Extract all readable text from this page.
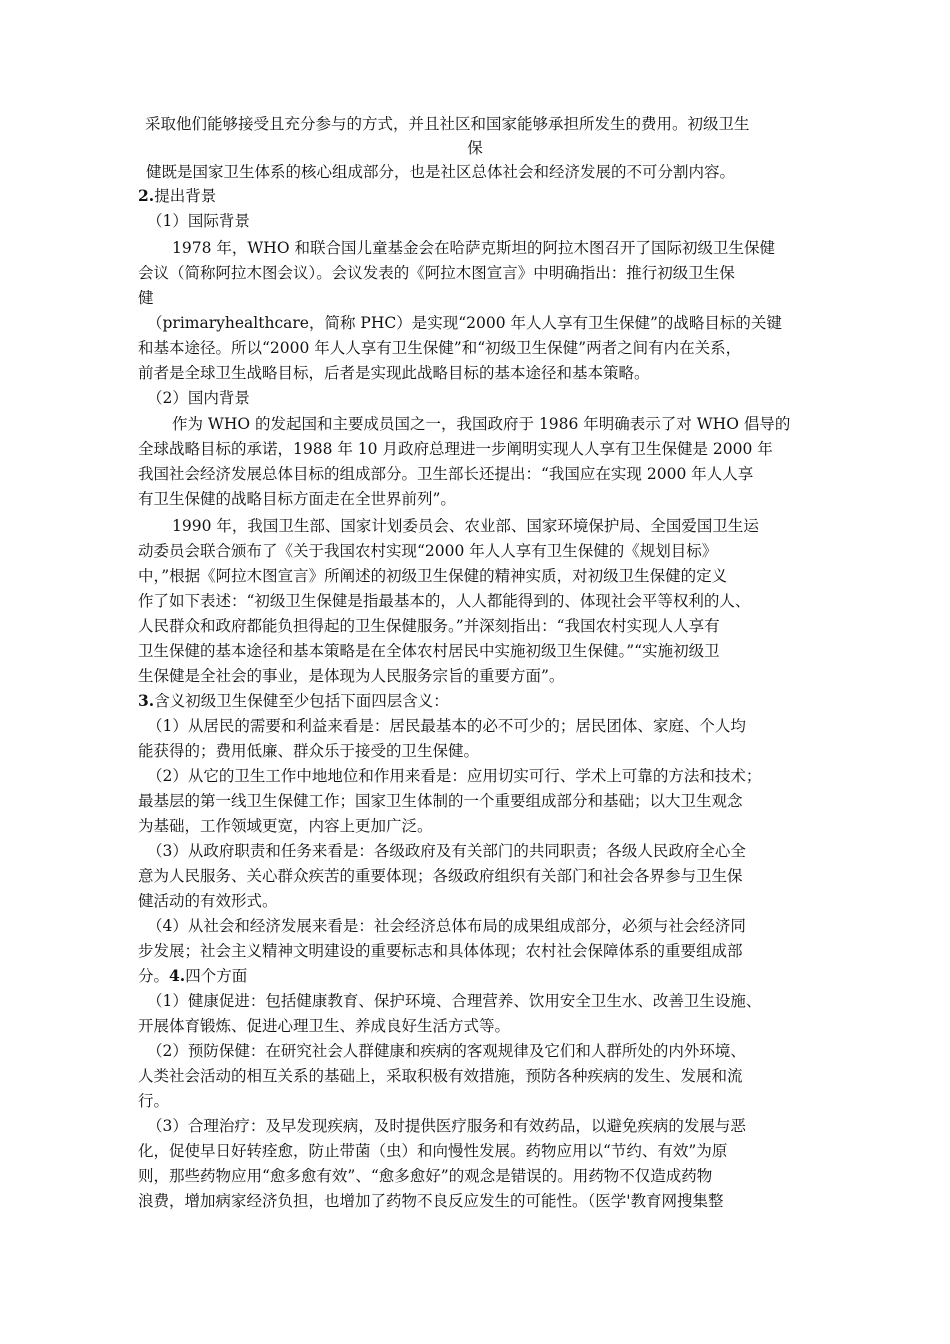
采取他们能够接受且充分参与的方式，并且社区和国家能够承担所发生的费用。初级卫生
保
健既是国家卫生体系的核心组成部分，也是社区总体社会和经济发展的不可分割内容。
2.提出背景
（1）国际背景
1978 年，WHO 和联合国儿童基金会在哈萨克斯坦的阿拉木图召开了国际初级卫生保健
会议（简称阿拉木图会议）。会议发表的《阿拉木图宣言》中明确指出：推行初级卫生保
健
（primaryhealthcare，简称 PHC）是实现“2000 年人人享有卫生保健”的战略目标的关键
和基本途径。所以“2000 年人人享有卫生保健”和“初级卫生保健”两者之间有内在关系，
前者是全球卫生战略目标，后者是实现此战略目标的基本途径和基本策略。
（2）国内背景
作为 WHO 的发起国和主要成员国之一，我国政府于 1986 年明确表示了对 WHO 倡导的
全球战略目标的承诺，1988 年 10 月政府总理进一步阐明实现人人享有卫生保健是 2000 年
我国社会经济发展总体目标的组成部分。卫生部长还提出：“我国应在实现 2000 年人人享
有卫生保健的战略目标方面走在全世界前列”。
1990 年，我国卫生部、国家计划委员会、农业部、国家环境保护局、全国爱国卫生运
动委员会联合颁布了《关于我国农村实现“2000 年人人享有卫生保健的《规划目标》
中，”根据《阿拉木图宣言》所阐述的初级卫生保健的精神实质，对初级卫生保健的定义
作了如下表述：“初级卫生保健是指最基本的，人人都能得到的、体现社会平等权利的人、
人民群众和政府都能负担得起的卫生保健服务。”并深刻指出：“我国农村实现人人享有
卫生保健的基本途径和基本策略是在全体农村居民中实施初级卫生保健。”“实施初级卫
生保健是全社会的事业，是体现为人民服务宗旨的重要方面”。
3.含义初级卫生保健至少包括下面四层含义：
（1）从居民的需要和利益来看是：居民最基本的必不可少的；居民团体、家庭、个人均
能获得的；费用低廉、群众乐于接受的卫生保健。
（2）从它的卫生工作中地地位和作用来看是：应用切实可行、学术上可靠的方法和技术；
最基层的第一线卫生保健工作；国家卫生体制的一个重要组成部分和基础；以大卫生观念
为基础，工作领域更宽，内容上更加广泛。
（3）从政府职责和任务来看是：各级政府及有关部门的共同职责；各级人民政府全心全
意为人民服务、关心群众疾苦的重要体现；各级政府组织有关部门和社会各界参与卫生保
健活动的有效形式。
（4）从社会和经济发展来看是：社会经济总体布局的成果组成部分，必须与社会经济同
步发展；社会主义精神文明建设的重要标志和具体体现；农村社会保障体系的重要组成部
分。4.四个方面
（1）健康促进：包括健康教育、保护环境、合理营养、饮用安全卫生水、改善卫生设施、
开展体育锻炼、促进心理卫生、养成良好生活方式等。
（2）预防保健：在研究社会人群健康和疾病的客观规律及它们和人群所处的内外环境、
人类社会活动的相互关系的基础上，采取积极有效措施，预防各种疾病的发生、发展和流
行。
（3）合理治疗：及早发现疾病，及时提供医疗服务和有效药品，以避免疾病的发展与恶
化，促使早日好转痊愈，防止带菌（虫）和向慢性发展。药物应用以“节约、有效”为原
则，那些药物应用“愈多愈有效”、“愈多愈好”的观念是错误的。用药物不仅造成药物
浪费，增加病家经济负担，也增加了药物不良反应发生的可能性。（医学'教育网搜集整
